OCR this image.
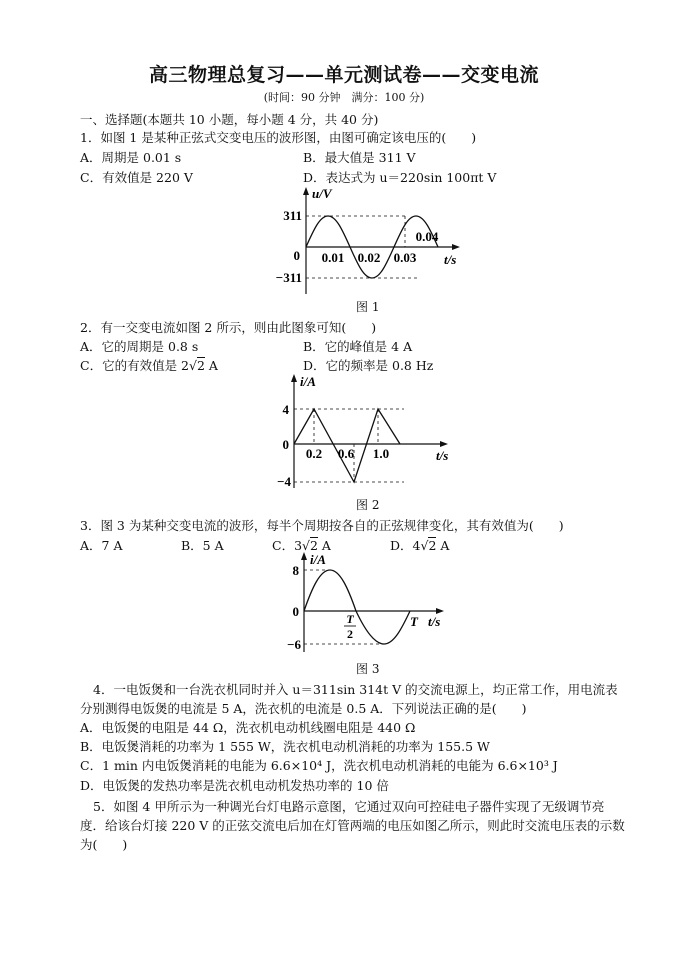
高三物理总复习——单元测试卷——交变电流
(时间：90 分钟　满分：100 分)
一、选择题(本题共 10 小题，每小题 4 分，共 40 分)
1．如图 1 是某种正弦式交变电压的波形图，由图可确定该电压的(　　)
A．周期是 0.01 s	B．最大值是 311 V
C．有效值是 220 V	D．表达式为 u＝220sin 100πt V
311
−311
0
u/V
t/s
0.01 0.02 0.03
0.04
图 1
2．有一交变电流如图 2 所示，则由此图象可知(　　)
A．它的周期是 0.8 s	B．它的峰值是 4 A
C．它的有效值是 2√2 A	D．它的频率是 0.8 Hz
4
−4
0
i/A
t/s
0.2 0.6 1.0
图 2
3．图 3 为某种交变电流的波形，每半个周期按各自的正弦规律变化，其有效值为(　　)
A．7 A	B．5 A	C．3√2 A	D．4√2 A
8
−6
0
i/A
t/s
T
2
T
图 3
4．一电饭煲和一台洗衣机同时并入 u＝311sin 314t V 的交流电源上，均正常工作，用电流表
分别测得电饭煲的电流是 5 A，洗衣机的电流是 0.5 A．下列说法正确的是(　　)
A．电饭煲的电阻是 44 Ω，洗衣机电动机线圈电阻是 440 Ω
B．电饭煲消耗的功率为 1 555 W，洗衣机电动机消耗的功率为 155.5 W
C．1 min 内电饭煲消耗的电能为 6.6×10⁴ J，洗衣机电动机消耗的电能为 6.6×10³ J
D．电饭煲的发热功率是洗衣机电动机发热功率的 10 倍
5．如图 4 甲所示为一种调光台灯电路示意图，它通过双向可控硅电子器件实现了无级调节亮
度．给该台灯接 220 V 的正弦交流电后加在灯管两端的电压如图乙所示，则此时交流电压表的示数
为(　　)
